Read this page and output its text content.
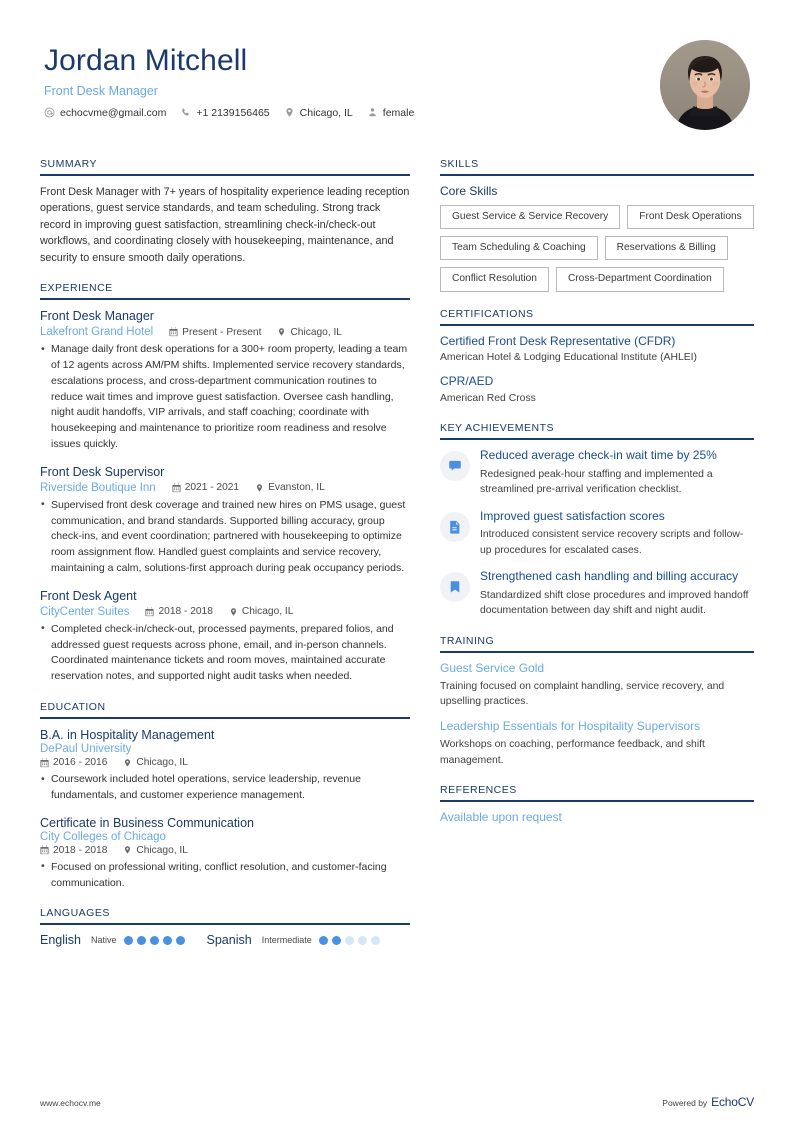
Jordan Mitchell
Front Desk Manager
echocvme@gmail.com	+1 2139156465	Chicago, IL	female
SUMMARY
Front Desk Manager with 7+ years of hospitality experience leading reception operations, guest service standards, and team scheduling. Strong track record in improving guest satisfaction, streamlining check-in/check-out workflows, and coordinating closely with housekeeping, maintenance, and security to ensure smooth daily operations.
EXPERIENCE
Front Desk Manager
Lakefront Grand Hotel	Present - Present	Chicago, IL
• Manage daily front desk operations for a 300+ room property, leading a team of 12 agents across AM/PM shifts. Implemented service recovery standards, escalations process, and cross-department communication routines to reduce wait times and improve guest satisfaction. Oversee cash handling, night audit handoffs, VIP arrivals, and staff coaching; coordinate with housekeeping and maintenance to prioritize room readiness and resolve issues quickly.
Front Desk Supervisor
Riverside Boutique Inn	2021 - 2021	Evanston, IL
• Supervised front desk coverage and trained new hires on PMS usage, guest communication, and brand standards. Supported billing accuracy, group check-ins, and event coordination; partnered with housekeeping to optimize room assignment flow. Handled guest complaints and service recovery, maintaining a calm, solutions-first approach during peak occupancy periods.
Front Desk Agent
CityCenter Suites	2018 - 2018	Chicago, IL
• Completed check-in/check-out, processed payments, prepared folios, and addressed guest requests across phone, email, and in-person channels. Coordinated maintenance tickets and room moves, maintained accurate reservation notes, and supported night audit tasks when needed.
EDUCATION
B.A. in Hospitality Management
DePaul University
2016 - 2016	Chicago, IL
• Coursework included hotel operations, service leadership, revenue fundamentals, and customer experience management.
Certificate in Business Communication
City Colleges of Chicago
2018 - 2018	Chicago, IL
• Focused on professional writing, conflict resolution, and customer-facing communication.
LANGUAGES
English Native	Spanish Intermediate
SKILLS
Core Skills
Guest Service & Service Recovery	Front Desk Operations
Team Scheduling & Coaching	Reservations & Billing
Conflict Resolution	Cross-Department Coordination
CERTIFICATIONS
Certified Front Desk Representative (CFDR)
American Hotel & Lodging Educational Institute (AHLEI)
CPR/AED
American Red Cross
KEY ACHIEVEMENTS
Reduced average check-in wait time by 25%
Redesigned peak-hour staffing and implemented a streamlined pre-arrival verification checklist.
Improved guest satisfaction scores
Introduced consistent service recovery scripts and follow-up procedures for escalated cases.
Strengthened cash handling and billing accuracy
Standardized shift close procedures and improved handoff documentation between day shift and night audit.
TRAINING
Guest Service Gold
Training focused on complaint handling, service recovery, and upselling practices.
Leadership Essentials for Hospitality Supervisors
Workshops on coaching, performance feedback, and shift management.
REFERENCES
Available upon request
www.echocv.me	Powered by EchoCV
